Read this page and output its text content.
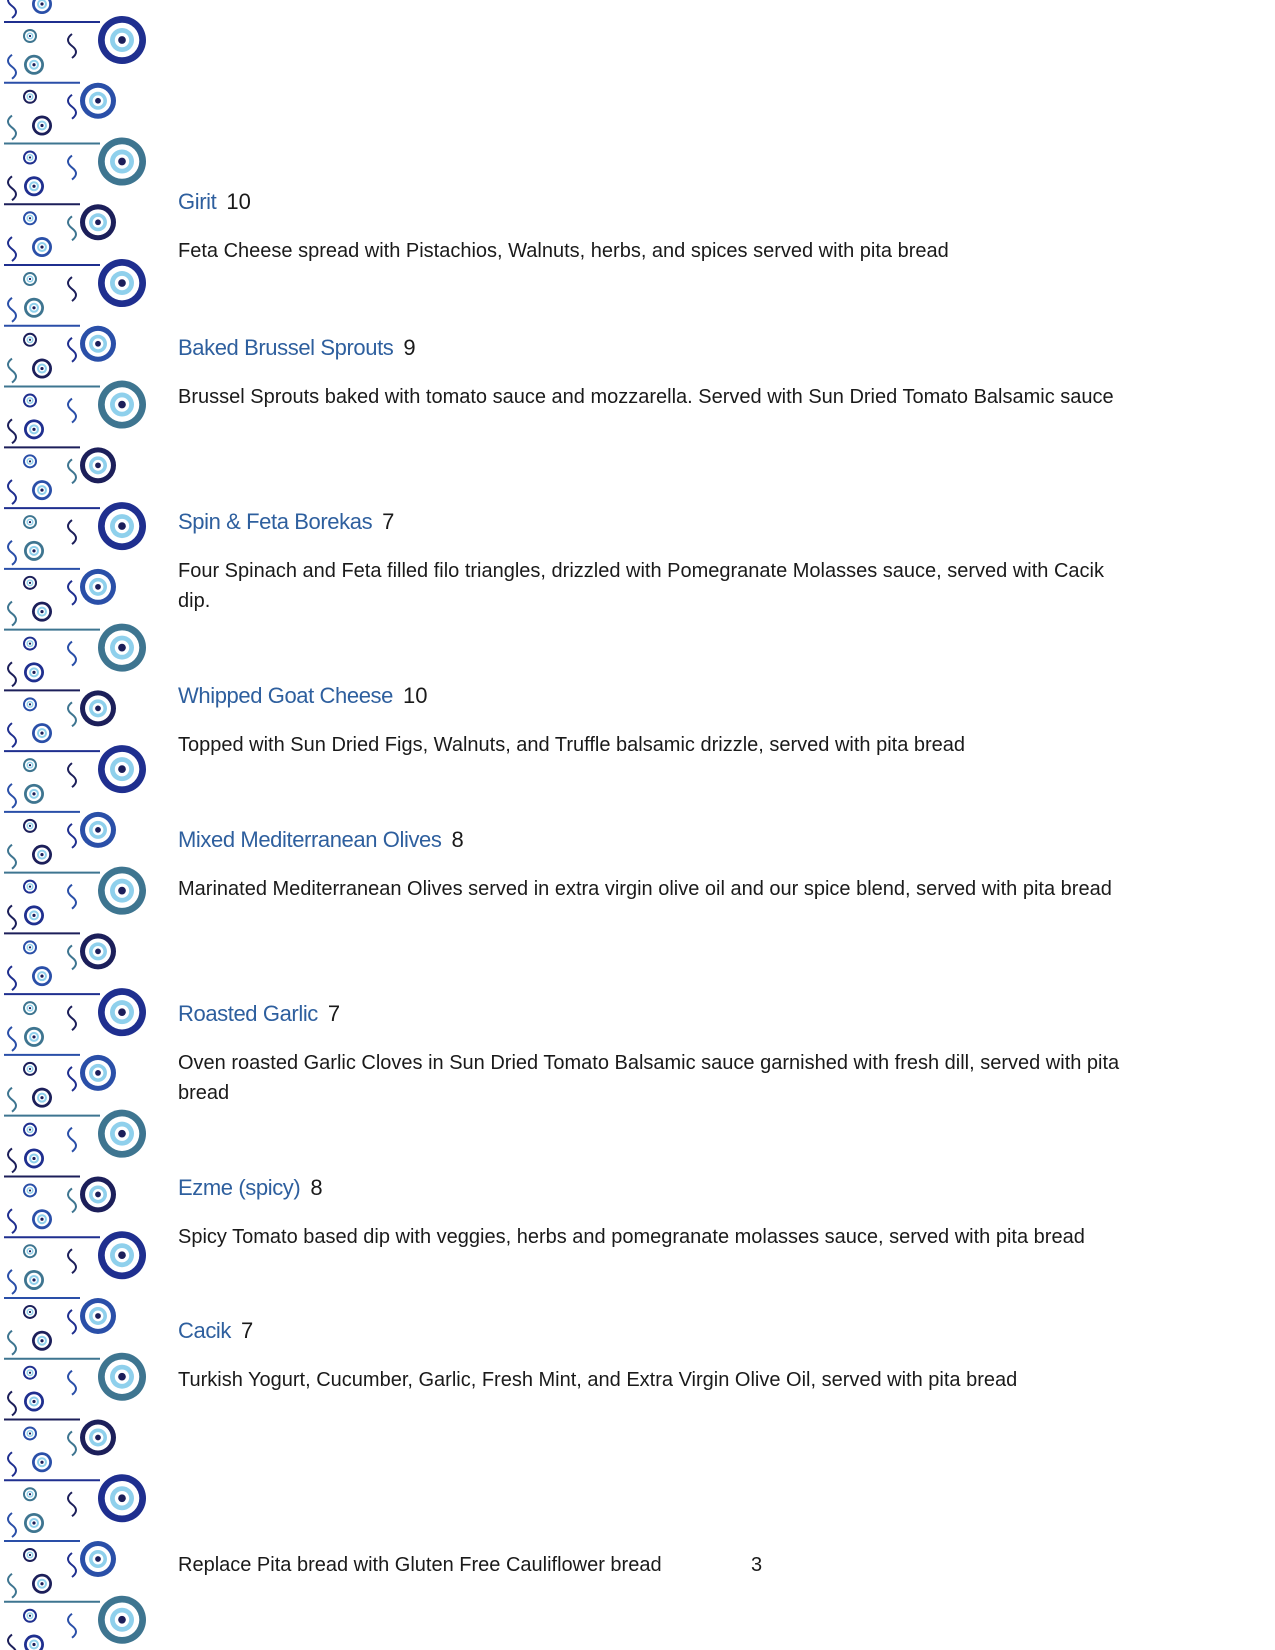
Girit 10
Feta Cheese spread with Pistachios, Walnuts, herbs, and spices served with pita bread
Baked Brussel Sprouts 9
Brussel Sprouts baked with tomato sauce and mozzarella. Served with Sun Dried Tomato Balsamic sauce
Spin & Feta Borekas 7
Four Spinach and Feta filled filo triangles, drizzled with Pomegranate Molasses sauce, served with Cacik dip.
Whipped Goat Cheese 10
Topped with Sun Dried Figs, Walnuts, and Truffle balsamic drizzle, served with pita bread
Mixed Mediterranean Olives 8
Marinated Mediterranean Olives served in extra virgin olive oil and our spice blend, served with pita bread
Roasted Garlic 7
Oven roasted Garlic Cloves in Sun Dried Tomato Balsamic sauce garnished with fresh dill, served with pita bread
Ezme (spicy) 8
Spicy Tomato based dip with veggies, herbs and pomegranate molasses sauce, served with pita bread
Cacik 7
Turkish Yogurt, Cucumber, Garlic, Fresh Mint, and Extra Virgin Olive Oil, served with pita bread
Replace Pita bread with Gluten Free Cauliflower bread	3
